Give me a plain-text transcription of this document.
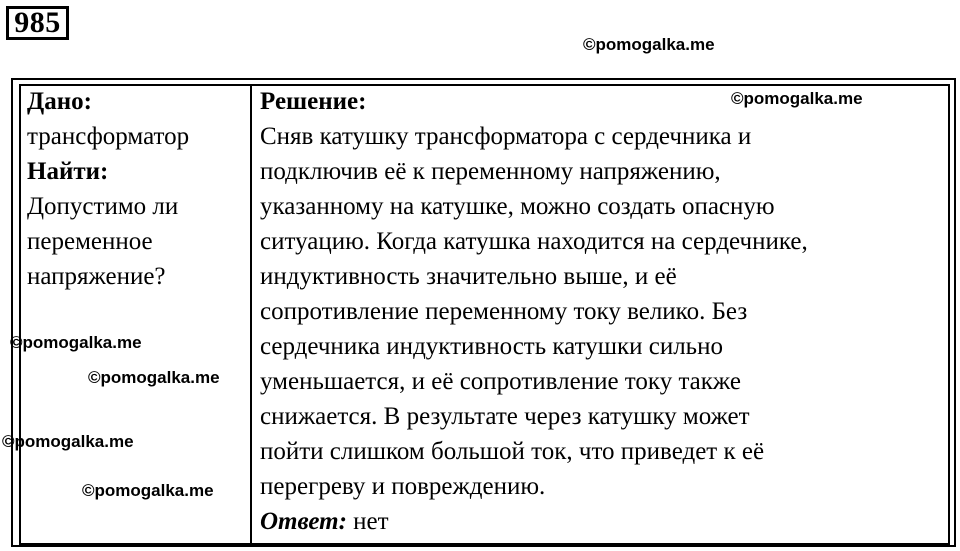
985
©pomogalka.me
©pomogalka.me
©pomogalka.me
©pomogalka.me
©pomogalka.me
©pomogalka.me

Дано:

трансформатор

Найти:

Допустимо ли

переменное

напряжение?

Решение:

Сняв катушку трансформатора с сердечника и

подключив её к переменному напряжению,

указанному на катушке, можно создать опасную

ситуацию. Когда катушка находится на сердечнике,

индуктивность значительно выше, и её

сопротивление переменному току велико. Без

сердечника индуктивность катушки сильно

уменьшается, и её сопротивление току также

снижается. В результате через катушку может

пойти слишком большой ток, что приведет к её

перегреву и повреждению.

Ответ: нет
